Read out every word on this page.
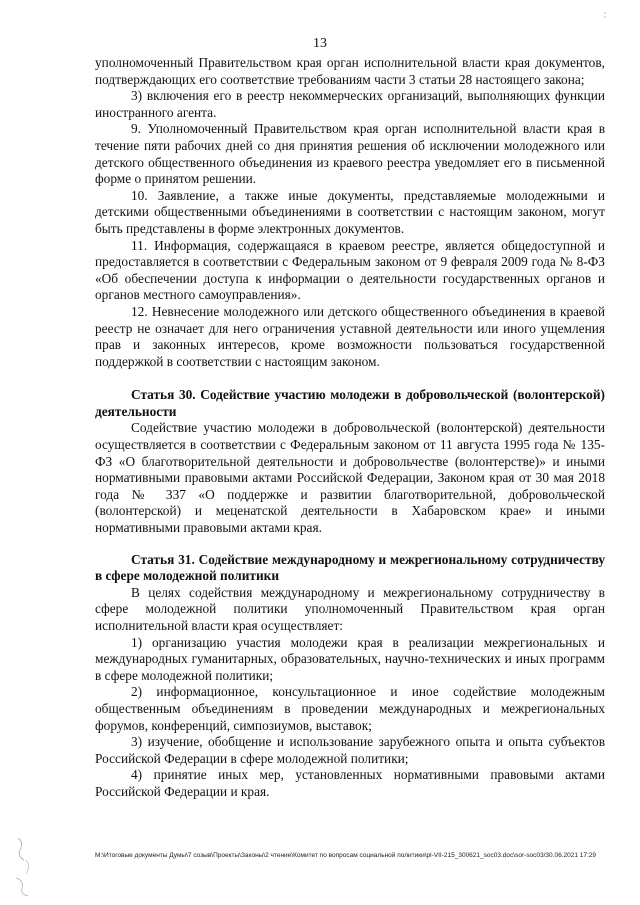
13

уполномоченный Правительством края орган исполнительной власти края документов, подтверждающих его соответствие требованиям части 3 статьи 28 настоящего закона;

3) включения его в реестр некоммерческих организаций, выполняющих функции иностранного агента.

9. Уполномоченный Правительством края орган исполнительной власти края в течение пяти рабочих дней со дня принятия решения об исключении молодежного или детского общественного объединения из краевого реестра уведомляет его в письменной форме о принятом решении.

10. Заявление, а также иные документы, представляемые молодежными и детскими общественными объединениями в соответствии с настоящим законом, могут быть представлены в форме электронных документов.

11. Информация, содержащаяся в краевом реестре, является общедоступной и предоставляется в соответствии с Федеральным законом от 9 февраля 2009 года № 8-ФЗ «Об обеспечении доступа к информации о деятельности государственных органов и органов местного самоуправления».

12. Невнесение молодежного или детского общественного объединения в краевой реестр не означает для него ограничения уставной деятельности или иного ущемления прав и законных интересов, кроме возможности пользоваться государственной поддержкой в соответствии с настоящим законом.

Статья 30. Содействие участию молодежи в добровольческой (волонтерской) деятельности

Содействие участию молодежи в добровольческой (волонтерской) деятельности осуществляется в соответствии с Федеральным законом от 11 августа 1995 года № 135-ФЗ «О благотворительной деятельности и добровольчестве (волонтерстве)» и иными нормативными правовыми актами Российской Федерации, Законом края от 30 мая 2018 года № 337 «О поддержке и развитии благотворительной, добровольческой (волонтерской) и меценатской деятельности в Хабаровском крае» и иными нормативными правовыми актами края.

Статья 31. Содействие международному и межрегиональному сотрудничеству в сфере молодежной политики

В целях содействия международному и межрегиональному сотрудничеству в сфере молодежной политики уполномоченный Правительством края орган исполнительной власти края осуществляет:

1) организацию участия молодежи края в реализации межрегиональных и международных гуманитарных, образовательных, научно-технических и иных программ в сфере молодежной политики;

2) информационное, консультационное и иное содействие молодежным общественным объединениям в проведении международных и межрегиональных форумов, конференций, симпозиумов, выставок;

3) изучение, обобщение и использование зарубежного опыта и опыта субъектов Российской Федерации в сфере молодежной политики;

4) принятие иных мер, установленных нормативными правовыми актами Российской Федерации и края.

M:\Итоговые документы Думы\7 созыв\Проекты\Законы\2 чтение\Комитет по вопросам социальной политики\pl-VII-215_300621_soc03.doc\sor-soc03/30.06.2021 17:29
